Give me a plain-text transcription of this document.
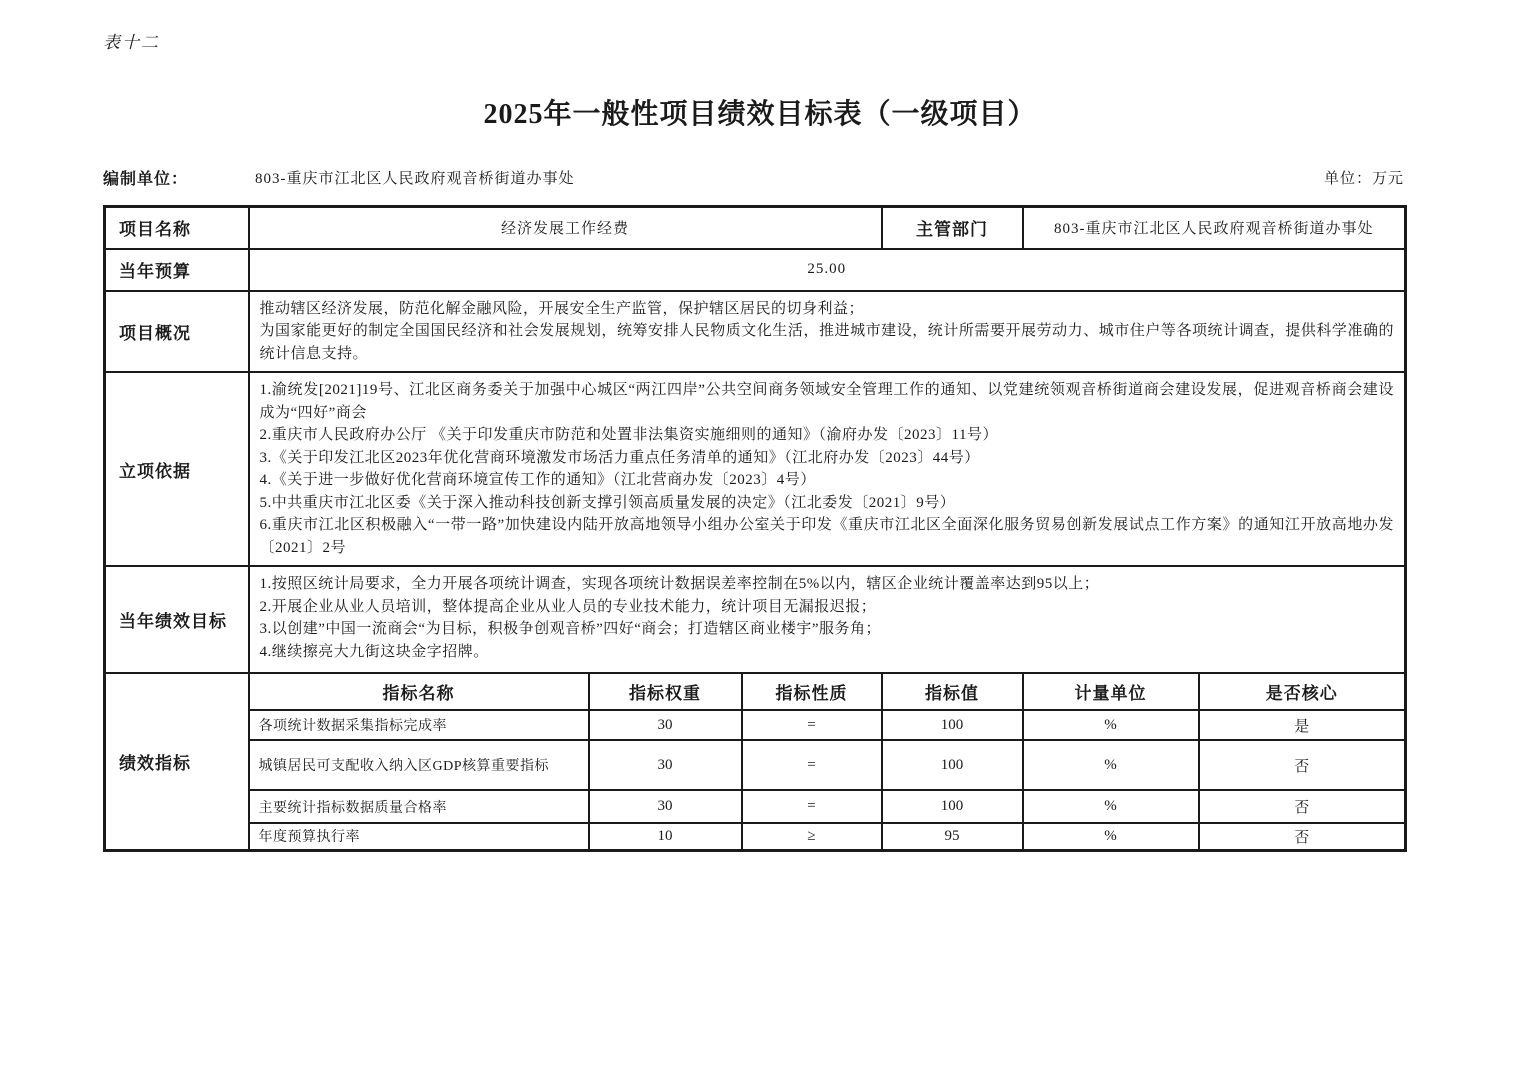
表十二
2025年一般性项目绩效目标表（一级项目）
编制单位：	803-重庆市江北区人民政府观音桥街道办事处	单位：万元
项目名称	经济发展工作经费			主管部门	803-重庆市江北区人民政府观音桥街道办事处	
当年预算	25.00					
项目概况	推动辖区经济发展，防范化解金融风险，开展安全生产监管，保护辖区居民的切身利益；

为国家能更好的制定全国国民经济和社会发展规划，统筹安排人民物质文化生活，推进城市建设，统计所需要开展劳动力、城市住户等各项统计调查，提供科学准确的统计信息支持。					

立项依据	

1.渝统发[2021]19号、江北区商务委关于加强中心城区“两江四岸”公共空间商务领域安全管理工作的通知、以党建统领观音桥街道商会建设发展，促进观音桥商会建设成为“四好”商会

2.重庆市人民政府办公厅 《关于印发重庆市防范和处置非法集资实施细则的通知》（渝府办发〔2023〕11号）

3.《关于印发江北区2023年优化营商环境激发市场活力重点任务清单的通知》（江北府办发〔2023〕44号）

4.《关于进一步做好优化营商环境宣传工作的通知》（江北营商办发〔2023〕4号）

5.中共重庆市江北区委《关于深入推动科技创新支撑引领高质量发展的决定》（江北委发〔2021〕9号）

6.重庆市江北区积极融入“一带一路”加快建设内陆开放高地领导小组办公室关于印发《重庆市江北区全面深化服务贸易创新发展试点工作方案》的通知江开放高地办发〔2021〕2号

当年绩效目标	1.按照区统计局要求，全力开展各项统计调查，实现各项统计数据误差率控制在5%以内，辖区企业统计覆盖率达到95以上；

2.开展企业从业人员培训，整体提高企业从业人员的专业技术能力，统计项目无漏报迟报；

3.以创建”中国一流商会“为目标，积极争创观音桥”四好“商会；打造辖区商业楼宇”服务角；

4.继续擦亮大九街这块金字招牌。					

绩效指标	指标名称	指标权重	指标性质	指标值	计量单位	是否核心
	各项统计数据采集指标完成率	30	=	100	%	是
	城镇居民可支配收入纳入区GDP核算重要指标	30	=	100	%	否
	主要统计指标数据质量合格率	30	=	100	%	否
	年度预算执行率	10	≥	95	%	否
